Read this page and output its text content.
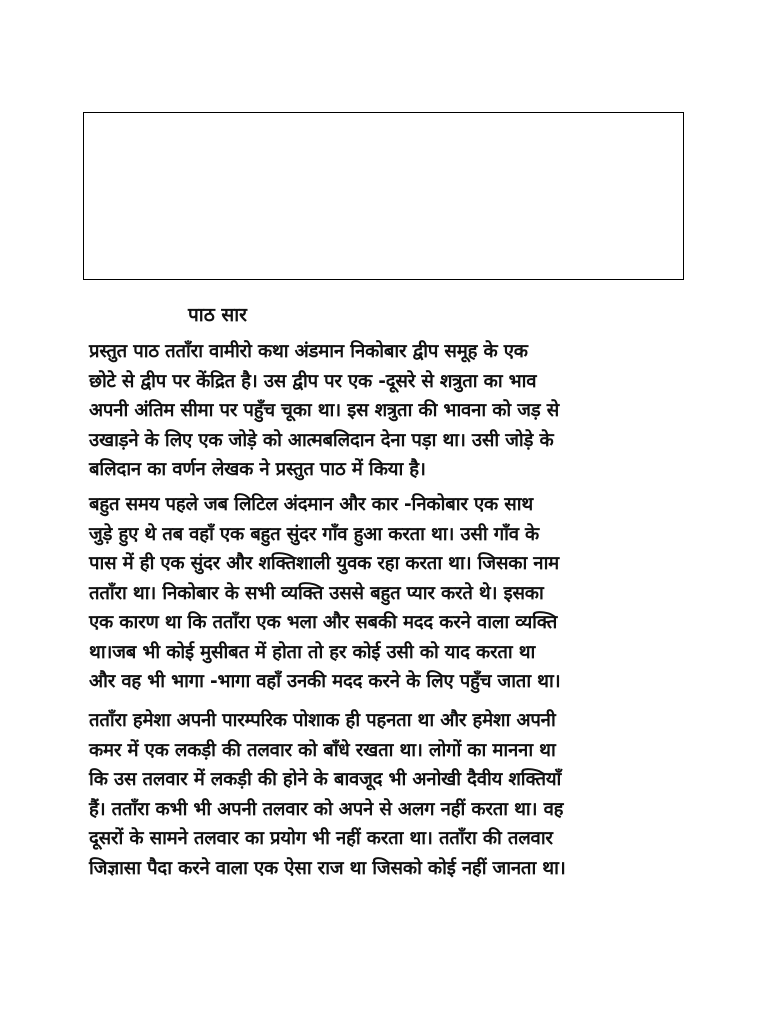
पाठ सार
प्रस्तुत पाठ तताँरा वामीरो कथा अंडमान निकोबार द्वीप समूह के एक
छोटे से द्वीप पर केंद्रित है। उस द्वीप पर एक -दूसरे से शत्रुता का भाव
अपनी अंतिम सीमा पर पहुँच चूका था। इस शत्रुता की भावना को जड़ से
उखाड़ने के लिए एक जोड़े को आत्मबलिदान देना पड़ा था। उसी जोड़े के
बलिदान का वर्णन लेखक ने प्रस्तुत पाठ में किया है।
बहुत समय पहले जब लिटिल अंदमान और कार -निकोबार एक साथ
जुड़े हुए थे तब वहाँ एक बहुत सुंदर गाँव हुआ करता था। उसी गाँव के
पास में ही एक सुंदर और शक्तिशाली युवक रहा करता था। जिसका नाम
तताँरा था। निकोबार के सभी व्यक्ति उससे बहुत प्यार करते थे। इसका
एक कारण था कि तताँरा एक भला और सबकी मदद करने वाला व्यक्ति
था।जब भी कोई मुसीबत में होता तो हर कोई उसी को याद करता था
और वह भी भागा -भागा वहाँ उनकी मदद करने के लिए पहुँच जाता था।
तताँरा हमेशा अपनी पारम्परिक पोशाक ही पहनता था और हमेशा अपनी
कमर में एक लकड़ी की तलवार को बाँधे रखता था। लोगों का मानना था
कि उस तलवार में लकड़ी की होने के बावजूद भी अनोखी दैवीय शक्तियाँ
हैं। तताँरा कभी भी अपनी तलवार को अपने से अलग नहीं करता था। वह
दूसरों के सामने तलवार का प्रयोग भी नहीं करता था। तताँरा की तलवार
जिज्ञासा पैदा करने वाला एक ऐसा राज था जिसको कोई नहीं जानता था।
